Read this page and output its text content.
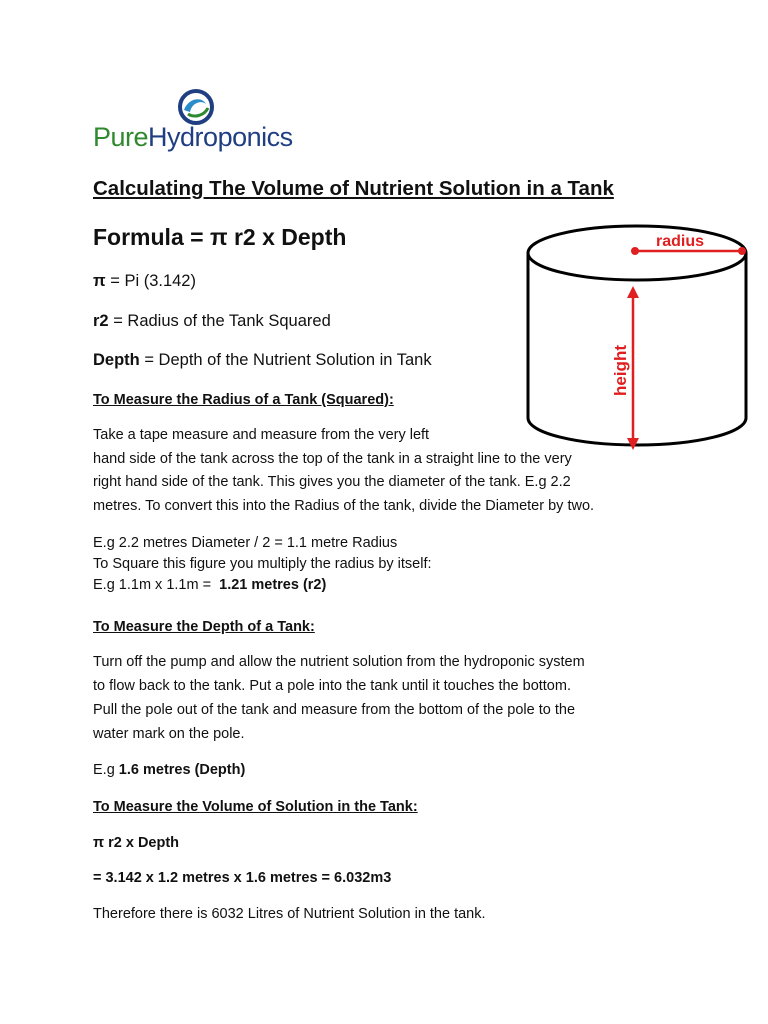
PureHydroponics
Calculating The Volume of Nutrient Solution in a Tank
Formula = π r2 x Depth
π = Pi (3.142)
r2 = Radius of the Tank Squared
Depth = Depth of the Nutrient Solution in Tank
radius
height
To Measure the Radius of a Tank (Squared):
Take a tape measure and measure from the very left
hand side of the tank across the top of the tank in a straight line to the very
right hand side of the tank. This gives you the diameter of the tank. E.g 2.2
metres. To convert this into the Radius of the tank, divide the Diameter by two.
E.g 2.2 metres Diameter / 2 = 1.1 metre Radius
To Square this figure you multiply the radius by itself:
E.g 1.1m x 1.1m =  1.21 metres (r2)
To Measure the Depth of a Tank:
Turn off the pump and allow the nutrient solution from the hydroponic system
to flow back to the tank. Put a pole into the tank until it touches the bottom.
Pull the pole out of the tank and measure from the bottom of the pole to the
water mark on the pole.
E.g 1.6 metres (Depth)
To Measure the Volume of Solution in the Tank:
π r2 x Depth
= 3.142 x 1.2 metres x 1.6 metres = 6.032m3
Therefore there is 6032 Litres of Nutrient Solution in the tank.
